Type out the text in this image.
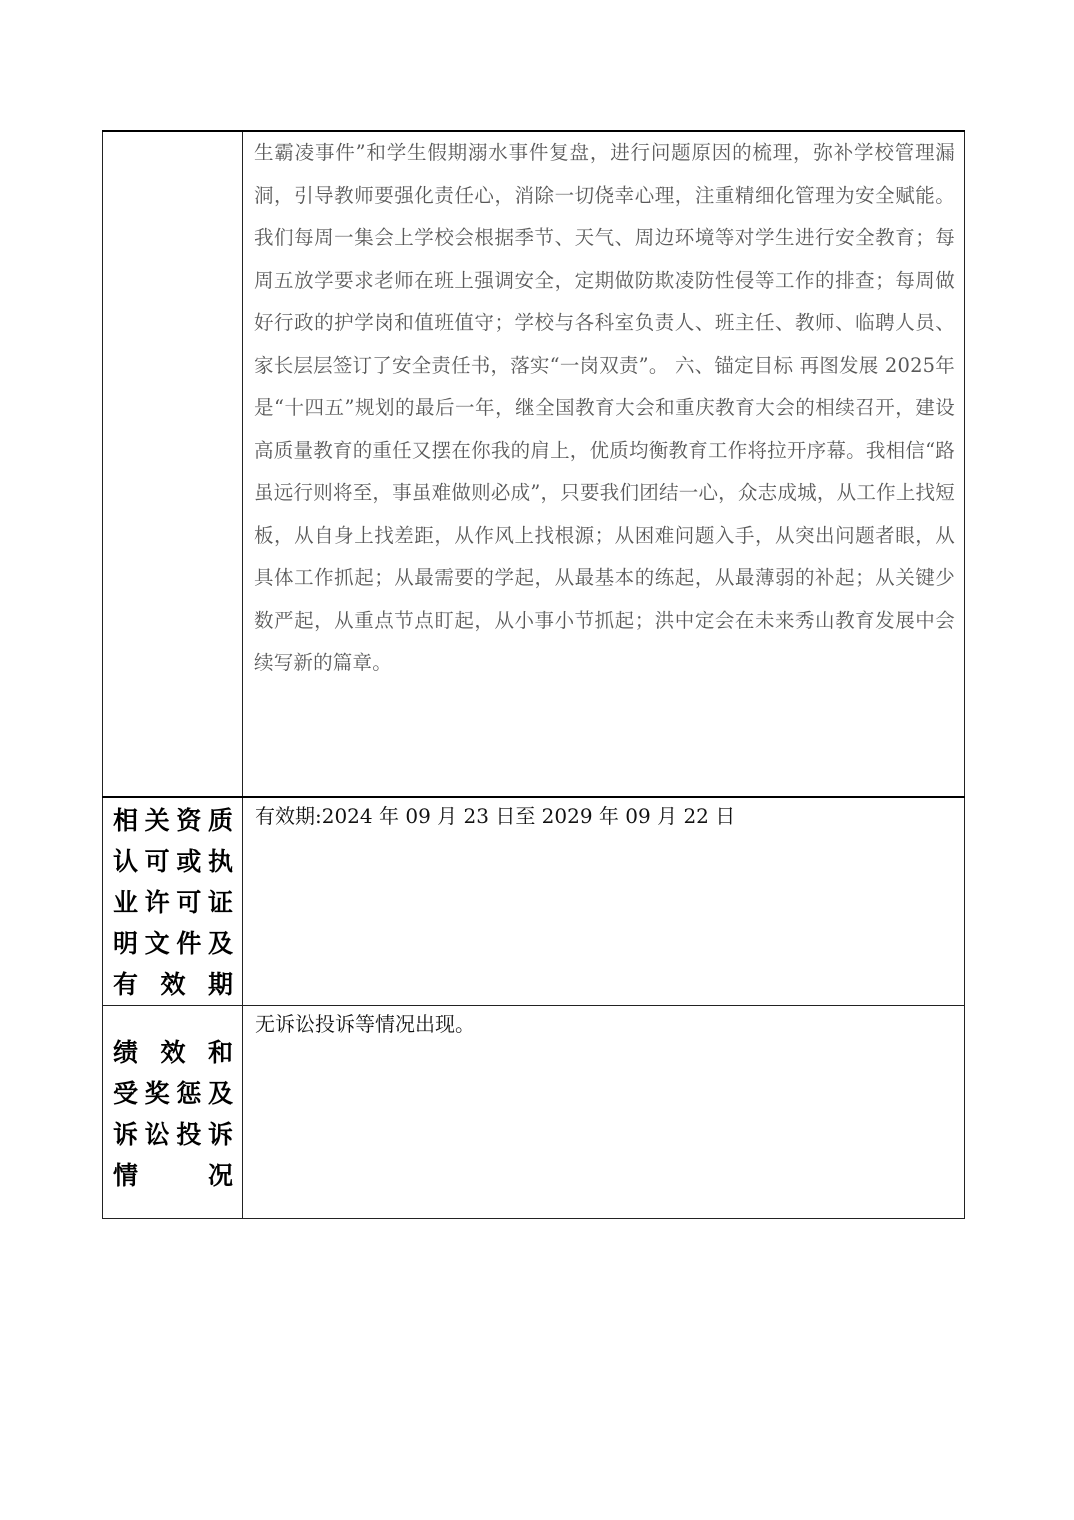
	生霸凌事件”和学生假期溺水事件复盘，进行问题原因的梳理，弥补学校管理漏洞，引导教师要强化责任心，消除一切侥幸心理，注重精细化管理为安全赋能。我们每周一集会上学校会根据季节、天气、周边环境等对学生进行安全教育；每周五放学要求老师在班上强调安全，定期做防欺凌防性侵等工作的排查；每周做好行政的护学岗和值班值守；学校与各科室负责人、班主任、教师、临聘人员、家长层层签订了安全责任书，落实“一岗双责”。 六、锚定目标 再图发展 2025年是“十四五”规划的最后一年，继全国教育大会和重庆教育大会的相续召开，建设高质量教育的重任又摆在你我的肩上，优质均衡教育工作将拉开序幕。我相信“路虽远行则将至，事虽难做则必成”，只要我们团结一心，众志成城，从工作上找短板，从自身上找差距，从作风上找根源；从困难问题入手，从突出问题者眼，从具体工作抓起；从最需要的学起，从最基本的练起，从最薄弱的补起；从关键少数严起，从重点节点盯起，从小事小节抓起；洪中定会在未来秀山教育发展中会续写新的篇章。

相关资质
认可或执
业许可证
明文件及
有效期	有效期:2024 年 09 月 23 日至 2029 年 09 月 22 日

绩 效 和
受奖惩及
诉讼投诉
情 况	无诉讼投诉等情况出现。
